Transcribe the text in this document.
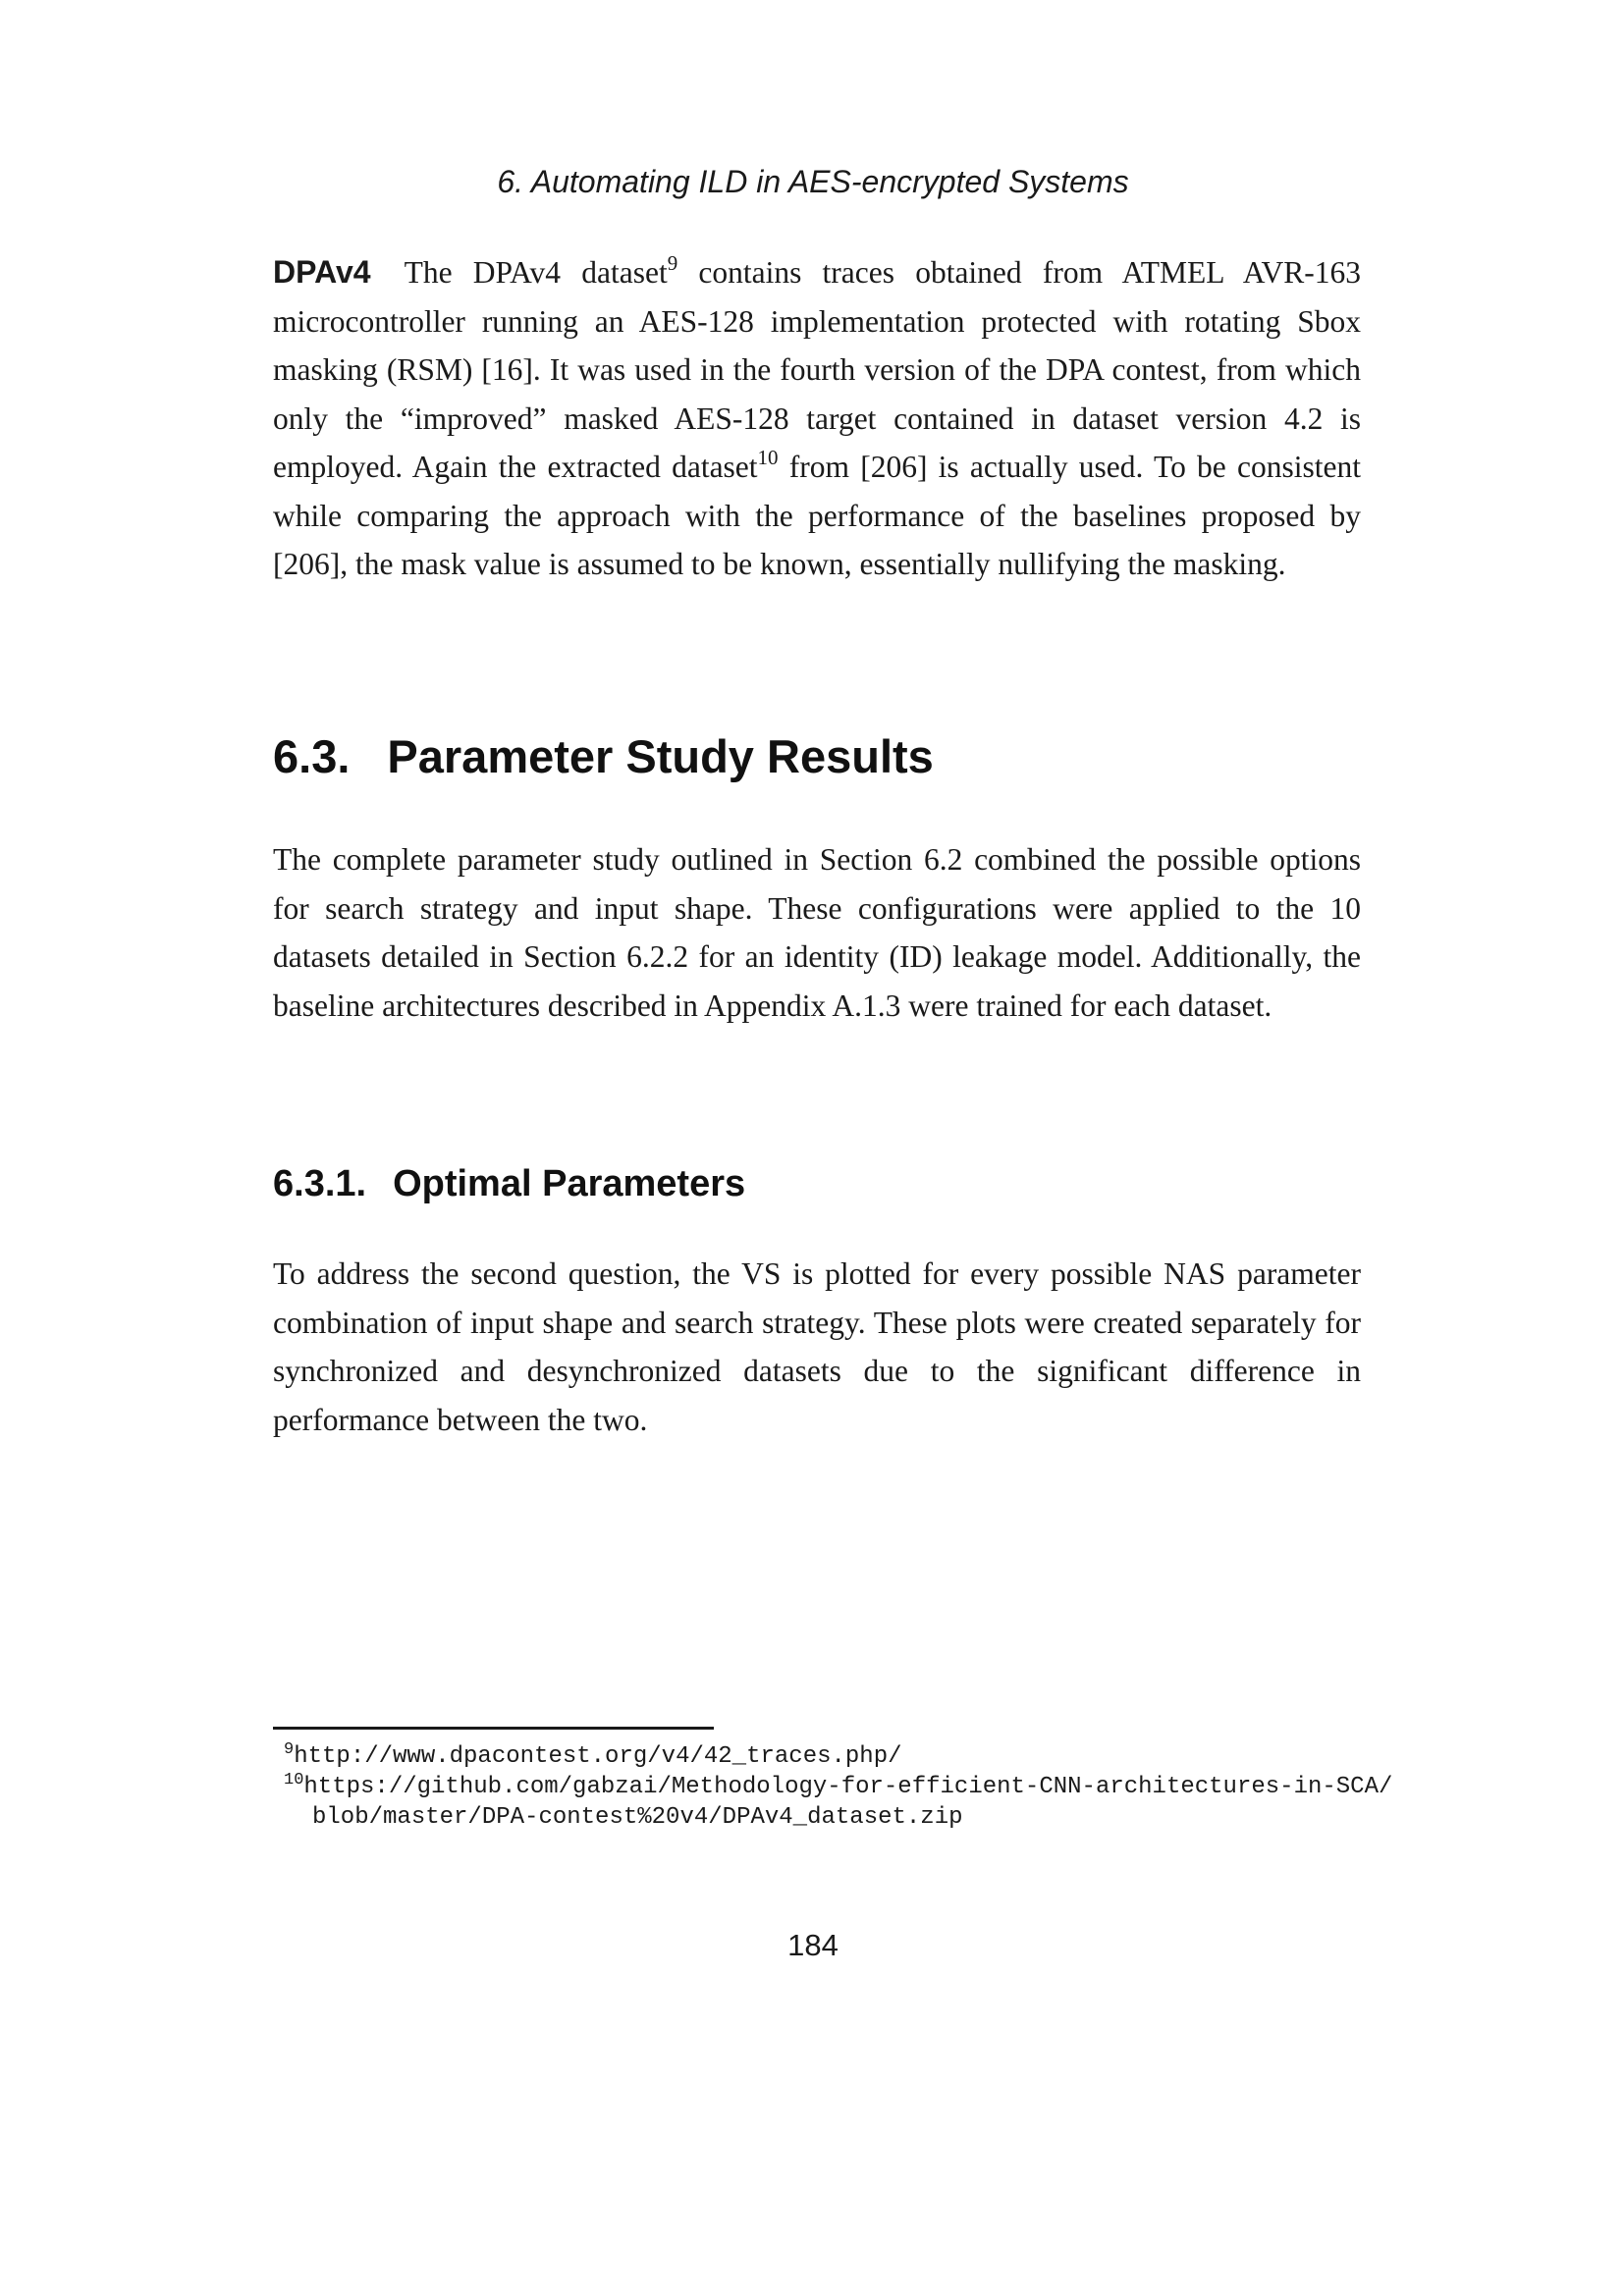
6. Automating ILD in AES-encrypted Systems

DPAv4 The DPAv4 dataset$^9$ contains traces obtained from ATMEL AVR-163 microcontroller running an AES-128 implementation protected with rotating Sbox masking (RSM) [16]. It was used in the fourth version of the DPA contest, from which only the “improved” masked AES-128 target contained in dataset version 4.2 is employed. Again the extracted dataset$^{10}$ from [206] is actually used. To be consistent while comparing the approach with the performance of the baselines proposed by [206], the mask value is assumed to be known, essentially nullifying the masking.

6.3. Parameter Study Results

The complete parameter study outlined in Section 6.2 combined the possible options for search strategy and input shape. These configurations were applied to the 10 datasets detailed in Section 6.2.2 for an identity (ID) leakage model. Additionally, the baseline architectures described in Appendix A.1.3 were trained for each dataset.

6.3.1. Optimal Parameters

To address the second question, the VS is plotted for every possible NAS parameter combination of input shape and search strategy. These plots were created separately for synchronized and desynchronized datasets due to the significant difference in performance between the two.

$^9$http://www.dpacontest.org/v4/42_traces.php/
$^{10}$https://github.com/gabzai/Methodology-for-efficient-CNN-architectures-in-SCA/
blob/master/DPA-contest%20v4/DPAv4_dataset.zip
184
